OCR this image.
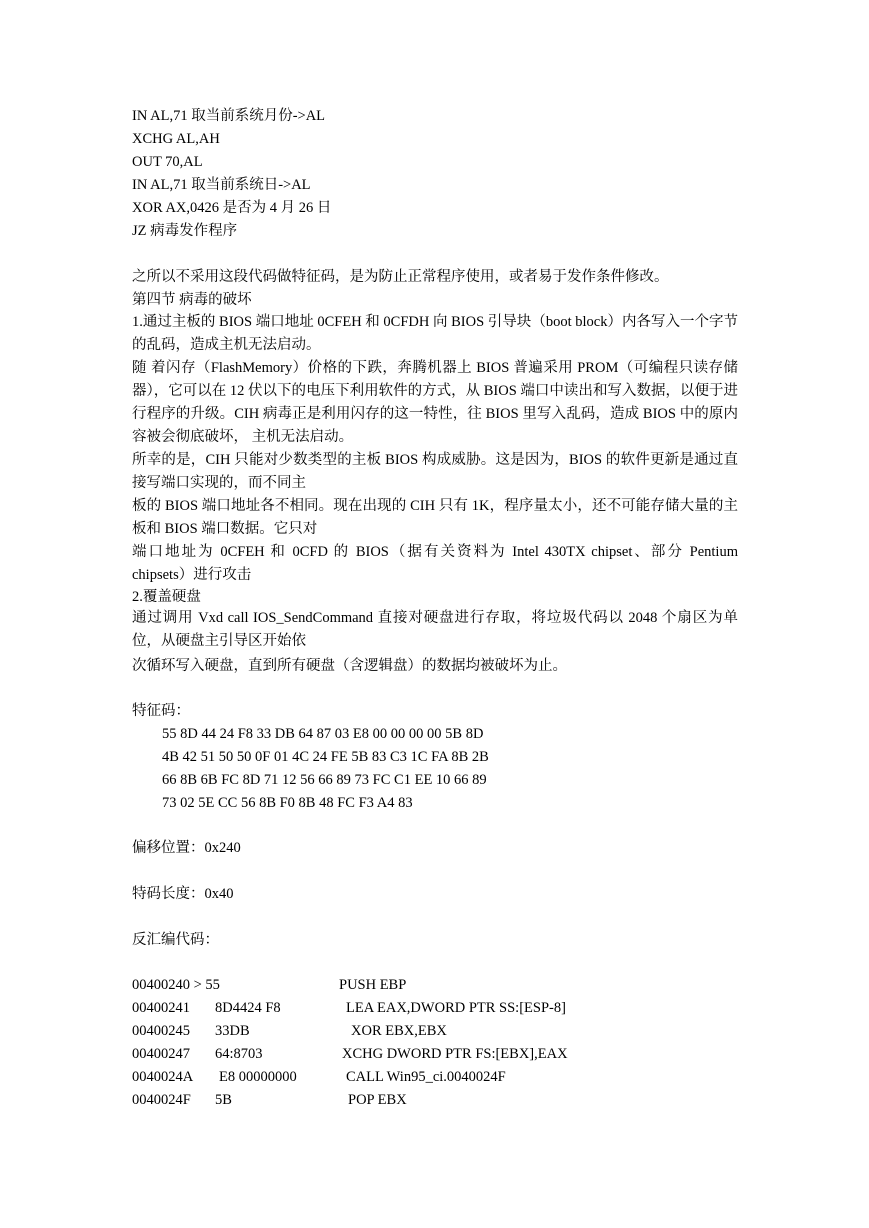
IN AL,71 取当前系统月份->AL
XCHG AL,AH
OUT 70,AL
IN AL,71 取当前系统日->AL
XOR AX,0426 是否为 4 月 26 日
JZ 病毒发作程序
之所以不采用这段代码做特征码，是为防止正常程序使用，或者易于发作条件修改。
第四节 病毒的破坏
1.通过主板的 BIOS 端口地址 0CFEH 和 0CFDH 向 BIOS 引导块（boot block）内各写入一个字节的乱码，造成主机无法启动。
随 着闪存（FlashMemory）价格的下跌，奔腾机器上 BIOS 普遍采用 PROM（可编程只读存储器），它可以在 12 伏以下的电压下利用软件的方式，从 BIOS 端口中读出和写入数据，以便于进行程序的升级。CIH 病毒正是利用闪存的这一特性，往 BIOS 里写入乱码，造成 BIOS 中的原内容被会彻底破坏， 主机无法启动。
所幸的是，CIH 只能对少数类型的主板 BIOS 构成威胁。这是因为，BIOS 的软件更新是通过直接写端口实现的，而不同主
板的 BIOS 端口地址各不相同。现在出现的 CIH 只有 1K，程序量太小，还不可能存储大量的主板和 BIOS 端口数据。它只对
端口地址为 0CFEH 和 0CFD 的 BIOS（据有关资料为 Intel 430TX chipset、部分 Pentium chipsets）进行攻击
2.覆盖硬盘
通过调用 Vxd call IOS_SendCommand 直接对硬盘进行存取，将垃圾代码以 2048 个扇区为单位，从硬盘主引导区开始依
次循环写入硬盘，直到所有硬盘（含逻辑盘）的数据均被破坏为止。
特征码：
55 8D 44 24 F8 33 DB 64 87 03 E8 00 00 00 00 5B 8D
4B 42 51 50 50 0F 01 4C 24 FE 5B 83 C3 1C FA 8B 2B
66 8B 6B FC 8D 71 12 56 66 89 73 FC C1 EE 10 66 89
73 02 5E CC 56 8B F0 8B 48 FC F3 A4 83
偏移位置：0x240
特码长度：0x40
反汇编代码：
00400240 > 55	PUSH EBP
00400241 8D4424 F8	LEA EAX,DWORD PTR SS:[ESP-8]
00400245 33DB	XOR EBX,EBX
00400247 64:8703	XCHG DWORD PTR FS:[EBX],EAX
0040024A E8 00000000	CALL Win95_ci.0040024F
0040024F 5B	POP EBX
